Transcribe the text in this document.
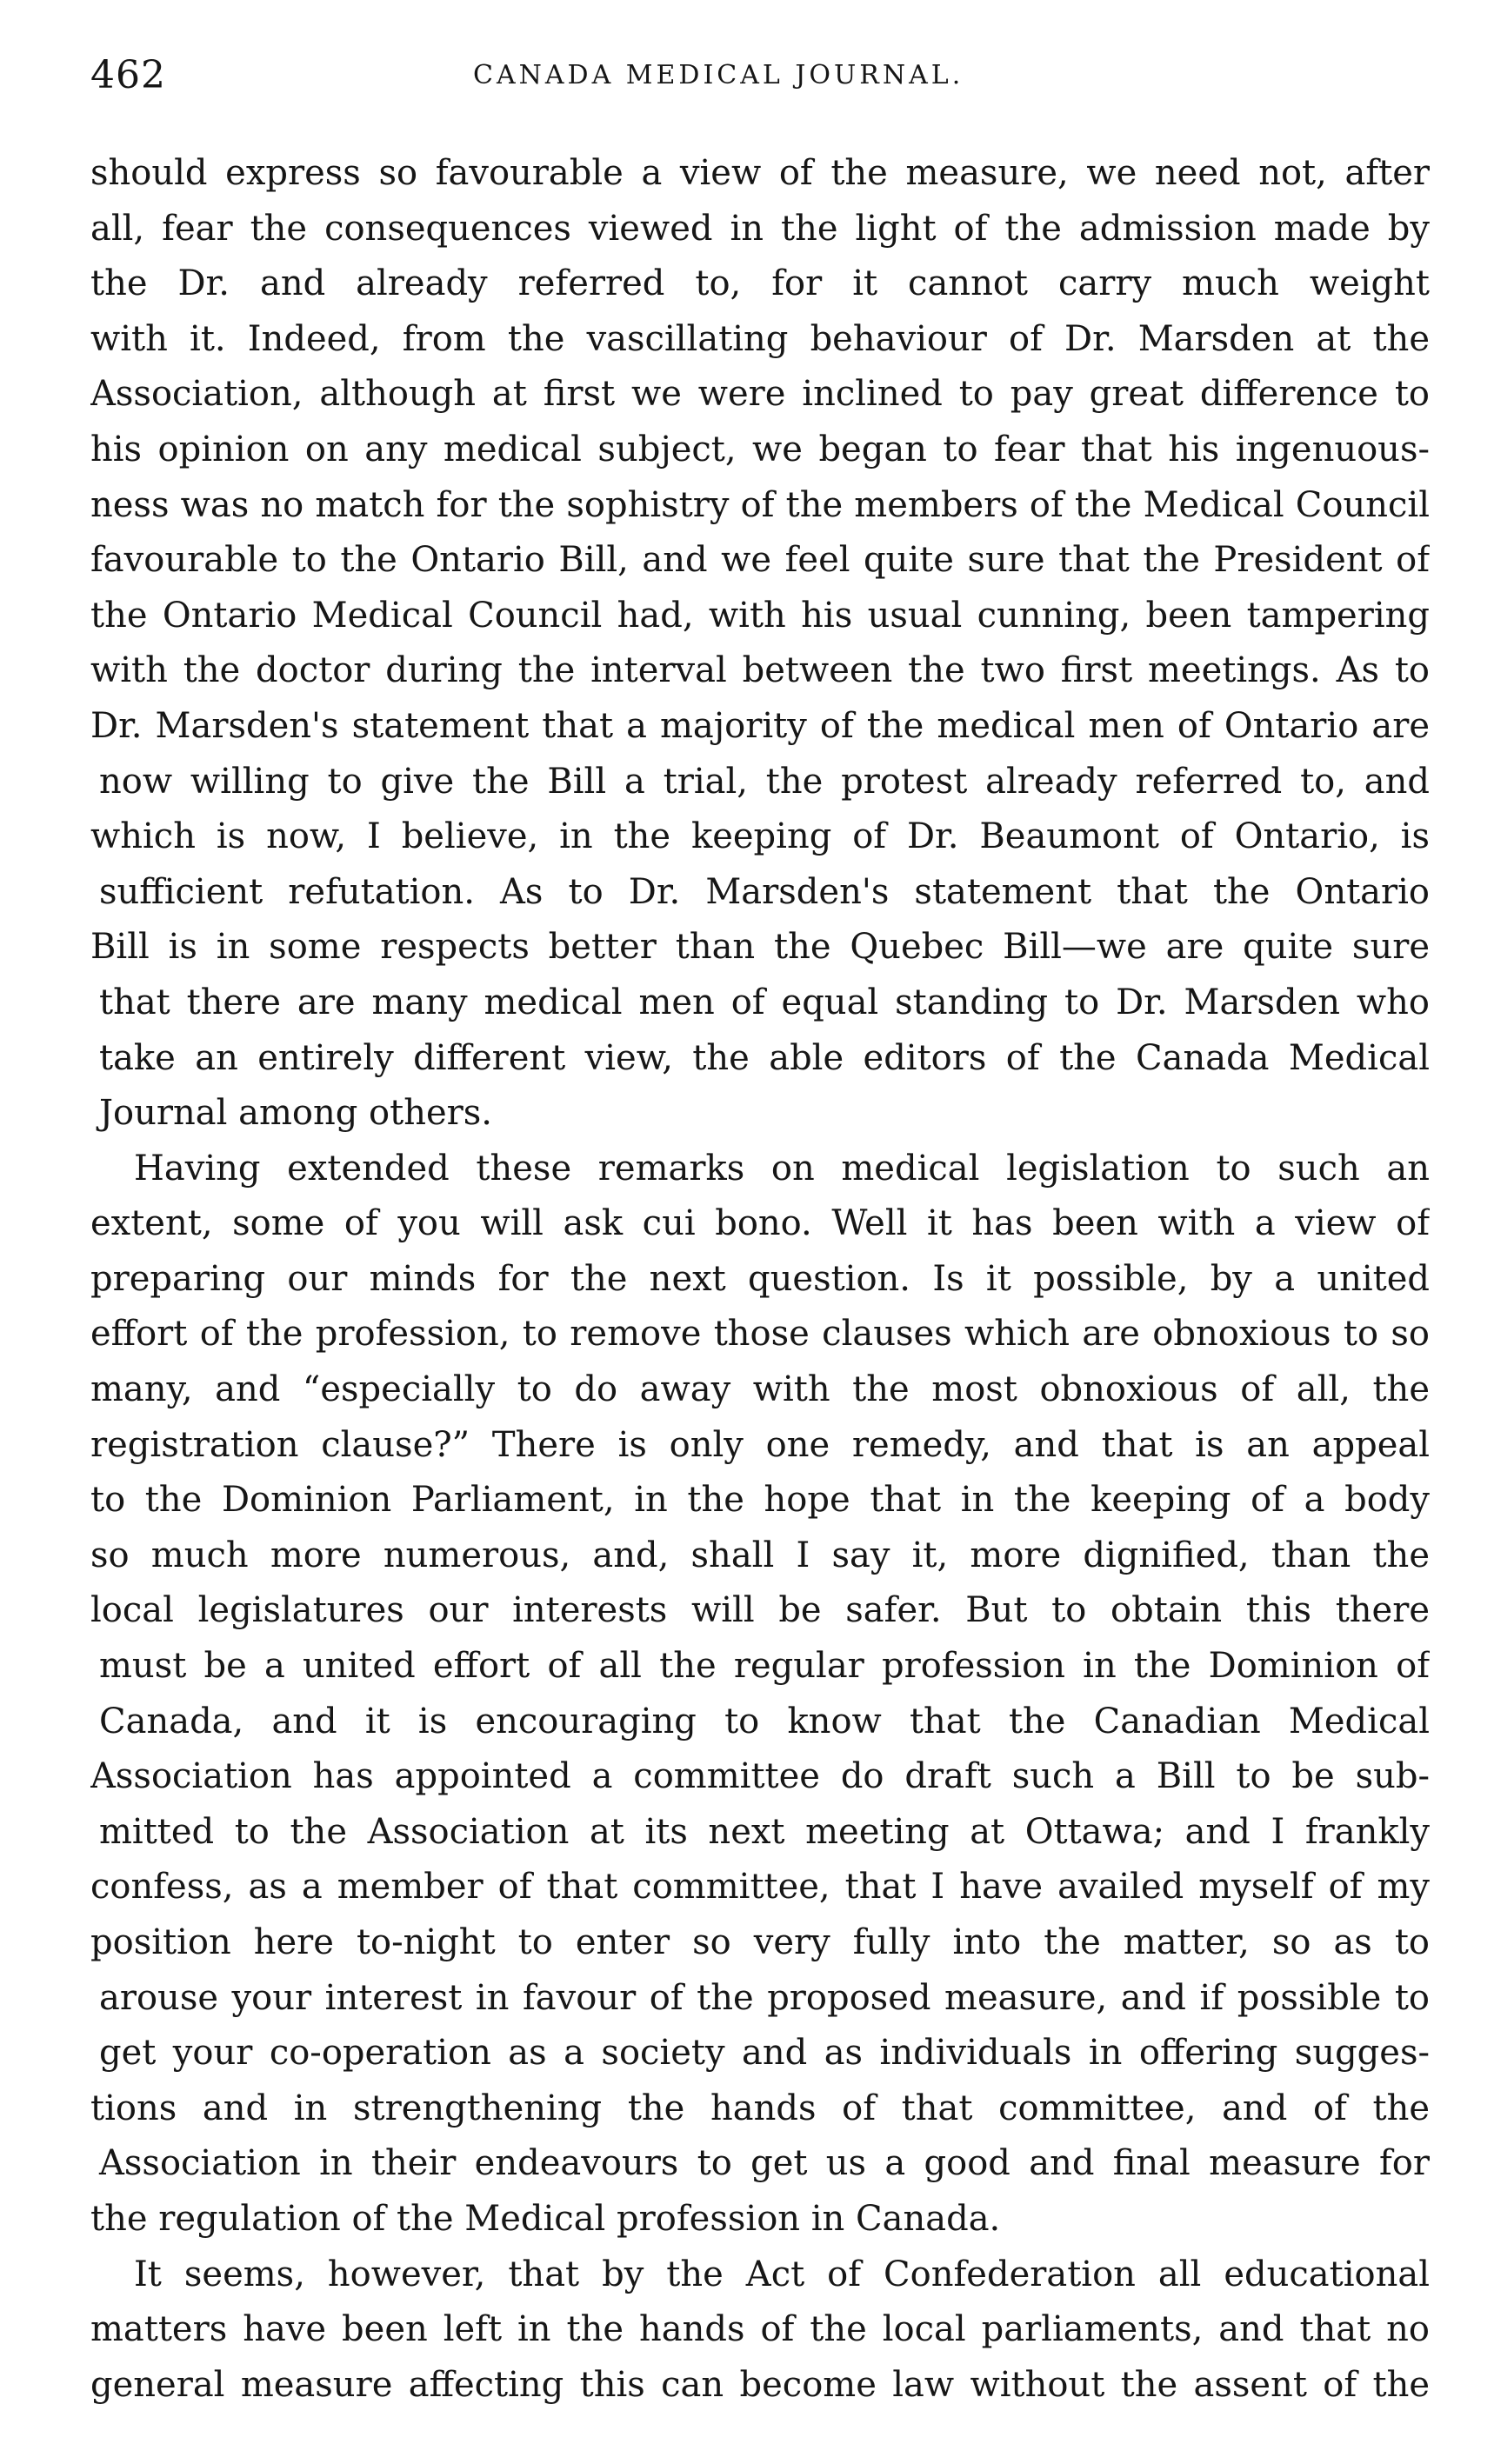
462	CANADA MEDICAL JOURNAL.
should express so favourable a view of the measure, we need not, after
all, fear the consequences viewed in the light of the admission made by
the Dr. and already referred to, for it cannot carry much weight
with it. Indeed, from the vascillating behaviour of Dr. Marsden at the
Association, although at first we were inclined to pay great difference to
his opinion on any medical subject, we began to fear that his ingenuous-
ness was no match for the sophistry of the members of the Medical Council
favourable to the Ontario Bill, and we feel quite sure that the President of
the Ontario Medical Council had, with his usual cunning, been tampering
with the doctor during the interval between the two first meetings. As to
Dr. Marsden's statement that a majority of the medical men of Ontario are
now willing to give the Bill a trial, the protest already referred to, and
which is now, I believe, in the keeping of Dr. Beaumont of Ontario, is
sufficient refutation. As to Dr. Marsden's statement that the Ontario
Bill is in some respects better than the Quebec Bill—we are quite sure
that there are many medical men of equal standing to Dr. Marsden who
take an entirely different view, the able editors of the Canada Medical
Journal among others.
Having extended these remarks on medical legislation to such an
extent, some of you will ask cui bono. Well it has been with a view of
preparing our minds for the next question. Is it possible, by a united
effort of the profession, to remove those clauses which are obnoxious to so
many, and “especially to do away with the most obnoxious of all, the
registration clause?” There is only one remedy, and that is an appeal
to the Dominion Parliament, in the hope that in the keeping of a body
so much more numerous, and, shall I say it, more dignified, than the
local legislatures our interests will be safer. But to obtain this there
must be a united effort of all the regular profession in the Dominion of
Canada, and it is encouraging to know that the Canadian Medical
Association has appointed a committee do draft such a Bill to be sub-
mitted to the Association at its next meeting at Ottawa; and I frankly
confess, as a member of that committee, that I have availed myself of my
position here to-night to enter so very fully into the matter, so as to
arouse your interest in favour of the proposed measure, and if possible to
get your co-operation as a society and as individuals in offering sugges-
tions and in strengthening the hands of that committee, and of the
Association in their endeavours to get us a good and final measure for
the regulation of the Medical profession in Canada.
It seems, however, that by the Act of Confederation all educational
matters have been left in the hands of the local parliaments, and that no
general measure affecting this can become law without the assent of the
